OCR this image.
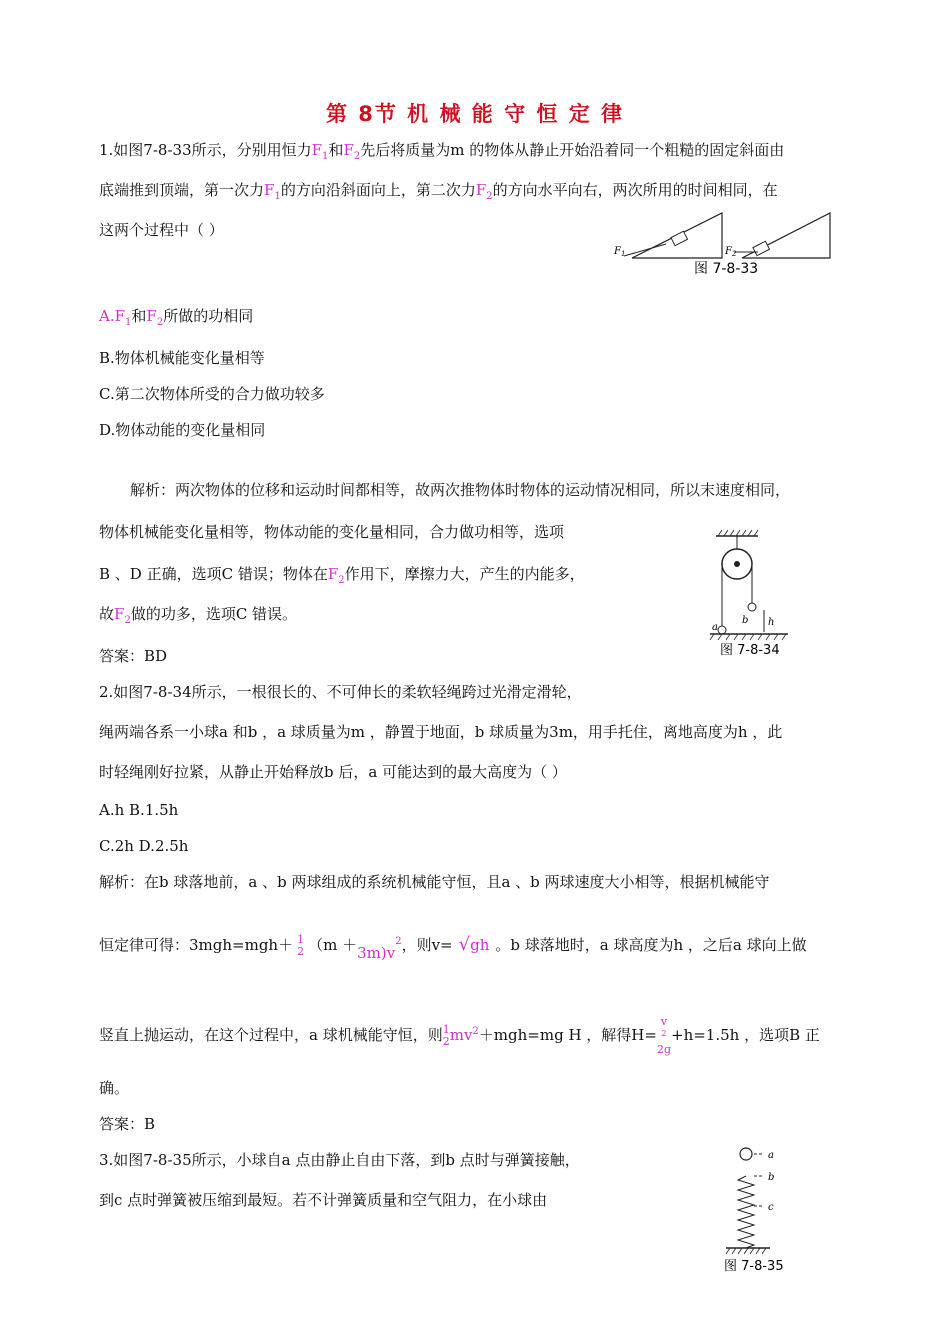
第 8节 机 械 能 守 恒 定 律
1.如图7-8-33所示，分别用恒力$F_1$和$F_2$先后将质量为m 的物体从静止开始沿着同一个粗糙的固定斜面由
底端推到顶端，第一次力$F_1$的方向沿斜面向上，第二次力$F_2$的方向水平向右，两次所用的时间相同，在
这两个过程中（ ）
$F_1$	$F_2$
图 7-8-33
$A.F_1$和$F_2$所做的功相同
B.物体机械能变化量相等
C.第二次物体所受的合力做功较多
D.物体动能的变化量相同
解析：两次物体的位移和运动时间都相等，故两次推物体时物体的运动情况相同，所以末速度相同，
物体机械能变化量相等，物体动能的变化量相同，合力做功相等，选项
B 、D 正确，选项C 错误；物体在$F_2$作用下，摩擦力大，产生的内能多，
故$F_2$做的功多，选项C 错误。
答案：BD
a
b h
图 7-8-34
2.如图7-8-34所示，一根很长的、不可伸长的柔软轻绳跨过光滑定滑轮，
绳两端各系一小球a 和b ，a 球质量为m ，静置于地面，b 球质量为3m，用手托住，离地高度为h ，此
时轻绳刚好拉紧，从静止开始释放b 后，a 可能达到的最大高度为（ ）
A.h B.1.5h
C.2h D.2.5h
解析：在b 球落地前，a 、b 两球组成的系统机械能守恒，且a 、b 两球速度大小相等，根据机械能守
恒定律可得：3mgh=mgh＋ 1
2 $(m +3m)v^2$，则v= √gh 。b 球落地时，a 球高度为h ，之后a 球向上做
竖直上抛运动，在这个过程中，a 球机械能守恒，则 1
2 $mv^2+mgh=mg$ H ，解得H=
v
$^2$
2g
+h=1.5h ，选项B 正
确。
答案：B
3.如图7-8-35所示，小球自a 点由静止自由下落，到b 点时与弹簧接触，
到c 点时弹簧被压缩到最短。若不计弹簧质量和空气阻力，在小球由
a
b
c
图 7-8-35
